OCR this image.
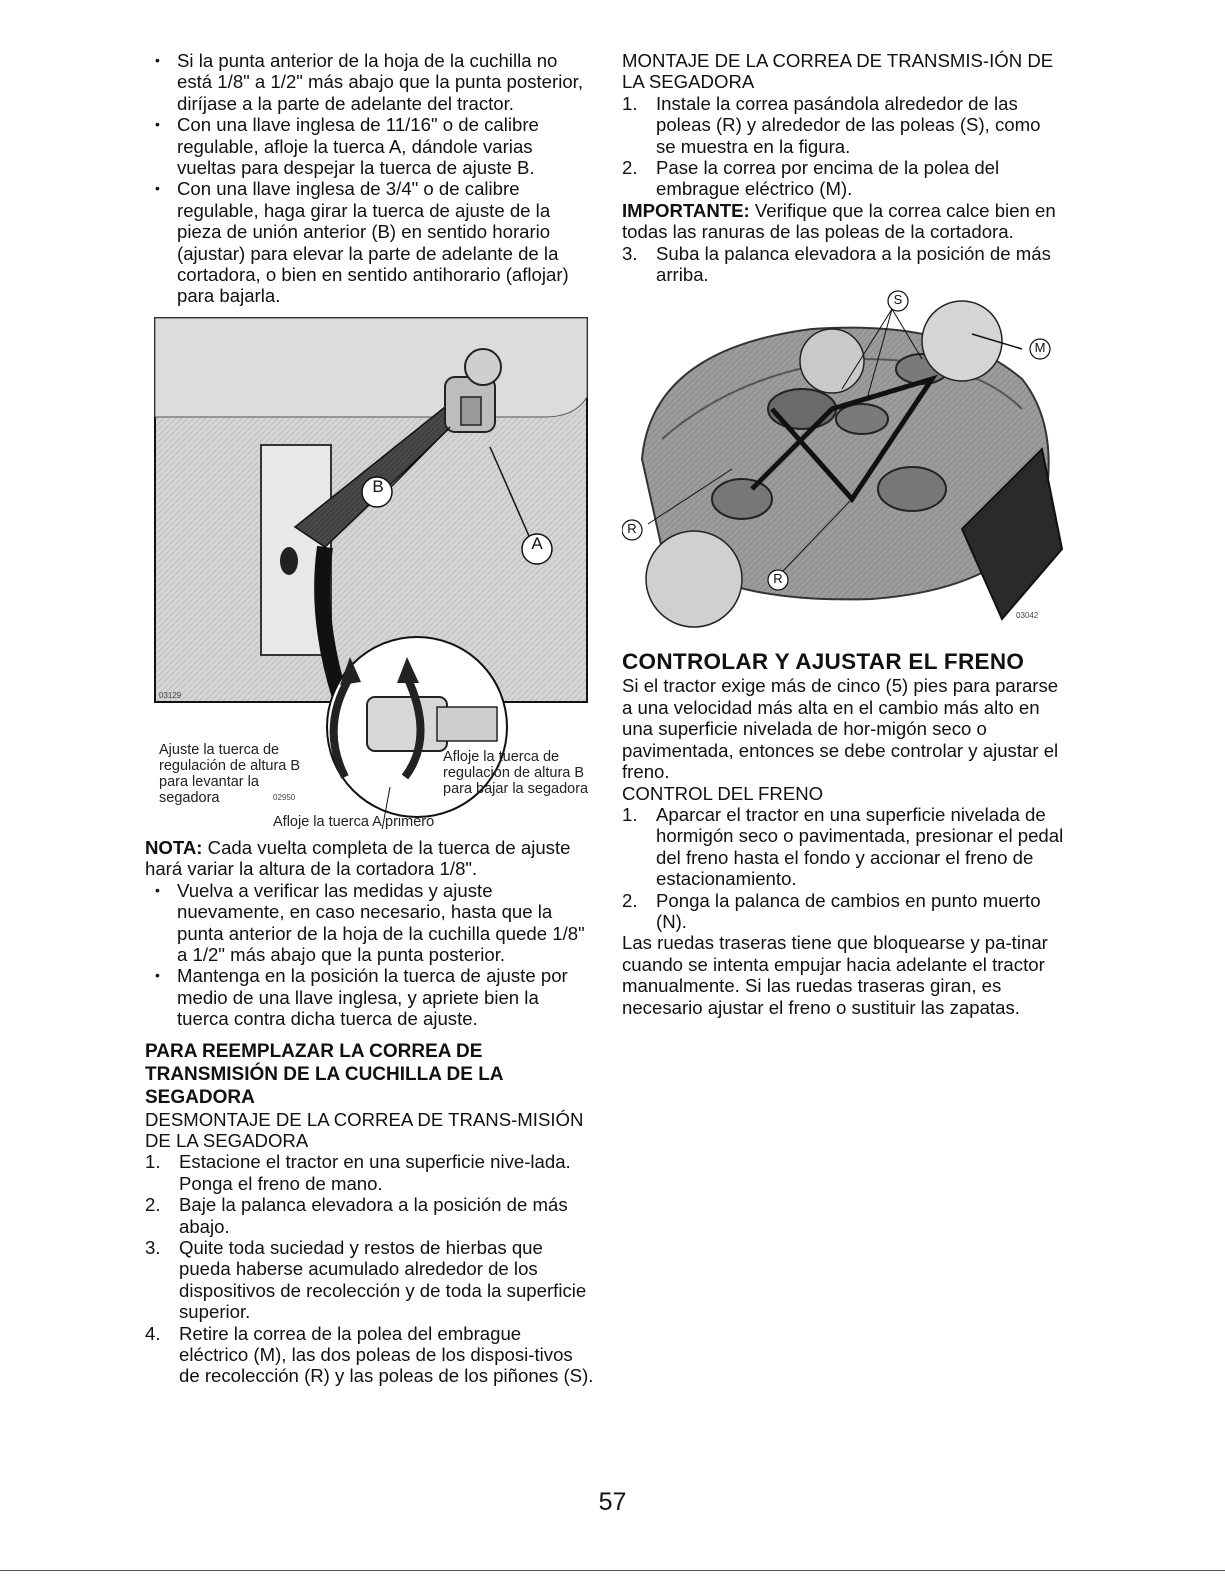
• Si la punta anterior de la hoja de la cuchilla no está 1/8" a 1/2" más abajo que la punta posterior, diríjase a la parte de adelante del tractor.
• Con una llave inglesa de 11/16" o de calibre regulable, afloje la tuerca A, dándole varias vueltas para despejar la tuerca de ajuste B.
• Con una llave inglesa de 3/4" o de calibre regulable, haga girar la tuerca de ajuste de la pieza de unión anterior (B) en sentido horario (ajustar) para elevar la parte de adelante de la cortadora, o bien en sentido antihorario (aflojar) para bajarla.
B
A
03129
Ajuste la tuerca de regulación de altura B para levantar la segadora	02950
Afloje la tuerca de regulación de altura B para bajar la segadora
Afloje la tuerca A primero

NOTA: Cada vuelta completa de la tuerca de ajuste hará variar la altura de la cortadora 1/8".

• Vuelva a verificar las medidas y ajuste nuevamente, en caso necesario, hasta que la punta anterior de la hoja de la cuchilla quede 1/8" a 1/2" más abajo que la punta posterior.
• Mantenga en la posición la tuerca de ajuste por medio de una llave inglesa, y apriete bien la tuerca contra dicha tuerca de ajuste.
PARA REEMPLAZAR LA CORREA DE TRANSMISIÓN DE LA CUCHILLA DE LA SEGADORA
DESMONTAJE DE LA CORREA DE TRANS-MISIÓN DE LA SEGADORA
1. Estacione el tractor en una superficie nive-lada. Ponga el freno de mano.
2. Baje la palanca elevadora a la posición de más abajo.
3. Quite toda suciedad y restos de hierbas que pueda haberse acumulado alrededor de los dispositivos de recolección y de toda la superficie superior.
4. Retire la correa de la polea del embrague eléctrico (M), las dos poleas de los disposi-tivos de recolección (R) y las poleas de los piñones (S).
MONTAJE DE LA CORREA DE TRANSMIS-IÓN DE LA SEGADORA
1. Instale la correa pasándola alrededor de las poleas (R) y alrededor de las poleas (S), como se muestra en la figura.
2. Pase la correa por encima de la polea del embrague eléctrico (M).

IMPORTANTE: Verifique que la correa calce bien en todas las ranuras de las poleas de la cortadora.

3. Suba la palanca elevadora a la posición de más arriba.
S
M
R
R
03042
CONTROLAR Y AJUSTAR EL FRENO

Si el tractor exige más de cinco (5) pies para pararse a una velocidad más alta en el cambio más alto en una superficie nivelada de hor-migón seco o pavimentada, entonces se debe controlar y ajustar el freno.

CONTROL DEL FRENO
1. Aparcar el tractor en una superficie nivelada de hormigón seco o pavimentada, presionar el pedal del freno hasta el fondo y accionar el freno de estacionamiento.
2. Ponga la palanca de cambios en punto muerto (N).

Las ruedas traseras tiene que bloquearse y pa-tinar cuando se intenta empujar hacia adelante el tractor manualmente. Si las ruedas traseras giran, es necesario ajustar el freno o sustituir las zapatas.

57
